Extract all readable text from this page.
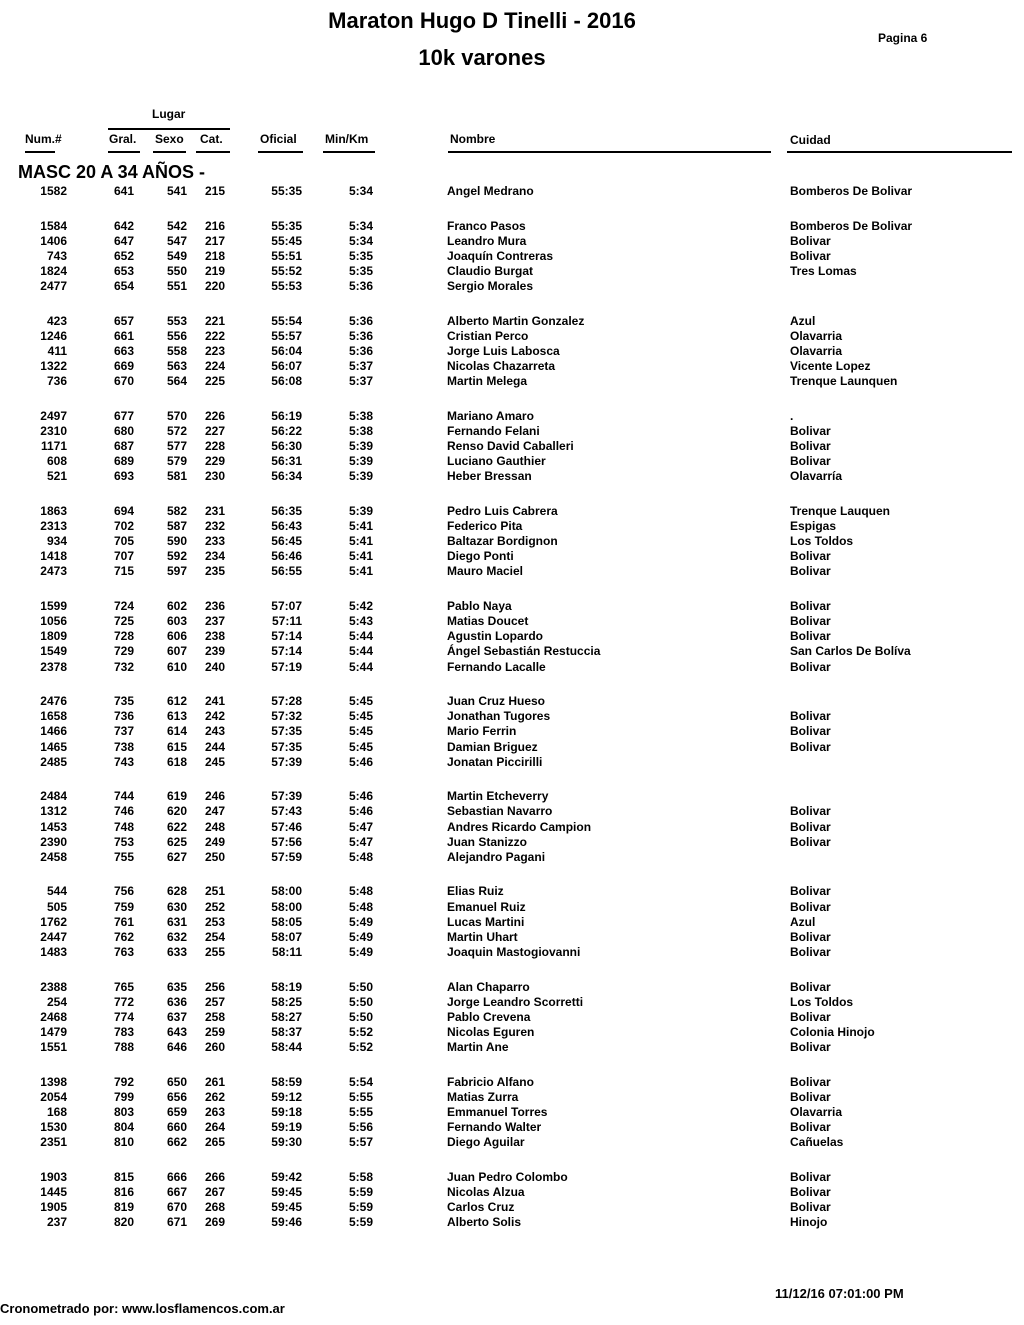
Maraton Hugo D Tinelli - 2016
10k varones
Pagina 6
Lugar
Num.#	Gral. Sexo Cat.	Oficial Min/Km	Nombre	Cuidad
MASC 20 A 34 AÑOS -
1582	641	541 215	55:35	5:34	Angel Medrano	Bomberos De Bolivar
1584	642	542 216	55:35	5:34	Franco Pasos	Bomberos De Bolivar
1406	647	547 217	55:45	5:34	Leandro Mura	Bolivar
743	652	549 218	55:51	5:35	Joaquín Contreras	Bolivar
1824	653	550 219	55:52	5:35	Claudio Burgat	Tres Lomas
2477	654	551 220	55:53	5:36	Sergio Morales
423	657	553 221	55:54	5:36	Alberto Martin Gonzalez	Azul
1246	661	556 222	55:57	5:36	Cristian Perco	Olavarria
411	663	558 223	56:04	5:36	Jorge Luis Labosca	Olavarria
1322	669	563 224	56:07	5:37	Nicolas Chazarreta	Vicente Lopez
736	670	564 225	56:08	5:37	Martin Melega	Trenque Launquen
2497	677	570 226	56:19	5:38	Mariano Amaro	.
2310	680	572 227	56:22	5:38	Fernando Felani	Bolivar
1171	687	577 228	56:30	5:39	Renso David Caballeri	Bolivar
608	689	579 229	56:31	5:39	Luciano Gauthier	Bolivar
521	693	581 230	56:34	5:39	Heber Bressan	Olavarría
1863	694	582 231	56:35	5:39	Pedro Luis Cabrera	Trenque Lauquen
2313	702	587 232	56:43	5:41	Federico Pita	Espigas
934	705	590 233	56:45	5:41	Baltazar Bordignon	Los Toldos
1418	707	592 234	56:46	5:41	Diego Ponti	Bolivar
2473	715	597 235	56:55	5:41	Mauro Maciel	Bolivar
1599	724	602 236	57:07	5:42	Pablo Naya	Bolivar
1056	725	603 237	57:11	5:43	Matias Doucet	Bolivar
1809	728	606 238	57:14	5:44	Agustin Lopardo	Bolivar
1549	729	607 239	57:14	5:44	Ángel Sebastián Restuccia	San Carlos De Bolíva
2378	732	610 240	57:19	5:44	Fernando Lacalle	Bolivar
2476	735	612 241	57:28	5:45	Juan Cruz Hueso
1658	736	613 242	57:32	5:45	Jonathan Tugores	Bolivar
1466	737	614 243	57:35	5:45	Mario Ferrin	Bolivar
1465	738	615 244	57:35	5:45	Damian Briguez	Bolivar
2485	743	618 245	57:39	5:46	Jonatan Piccirilli
2484	744	619 246	57:39	5:46	Martin Etcheverry
1312	746	620 247	57:43	5:46	Sebastian Navarro	Bolivar
1453	748	622 248	57:46	5:47	Andres Ricardo Campion	Bolivar
2390	753	625 249	57:56	5:47	Juan Stanizzo	Bolivar
2458	755	627 250	57:59	5:48	Alejandro Pagani
544	756	628 251	58:00	5:48	Elias Ruiz	Bolivar
505	759	630 252	58:00	5:48	Emanuel Ruiz	Bolivar
1762	761	631 253	58:05	5:49	Lucas Martini	Azul
2447	762	632 254	58:07	5:49	Martin Uhart	Bolivar
1483	763	633 255	58:11	5:49	Joaquin Mastogiovanni	Bolivar
2388	765	635 256	58:19	5:50	Alan Chaparro	Bolivar
254	772	636 257	58:25	5:50	Jorge Leandro Scorretti	Los Toldos
2468	774	637 258	58:27	5:50	Pablo Crevena	Bolivar
1479	783	643 259	58:37	5:52	Nicolas Eguren	Colonia Hinojo
1551	788	646 260	58:44	5:52	Martin Ane	Bolivar
1398	792	650 261	58:59	5:54	Fabricio Alfano	Bolivar
2054	799	656 262	59:12	5:55	Matias Zurra	Bolivar
168	803	659 263	59:18	5:55	Emmanuel Torres	Olavarria
1530	804	660 264	59:19	5:56	Fernando Walter	Bolivar
2351	810	662 265	59:30	5:57	Diego Aguilar	Cañuelas
1903	815	666 266	59:42	5:58	Juan Pedro Colombo	Bolivar
1445	816	667 267	59:45	5:59	Nicolas Alzua	Bolivar
1905	819	670 268	59:45	5:59	Carlos Cruz	Bolivar
237	820	671 269	59:46	5:59	Alberto Solis	Hinojo
Cronometrado por: www.losflamencos.com.ar
11/12/16 07:01:00 PM
